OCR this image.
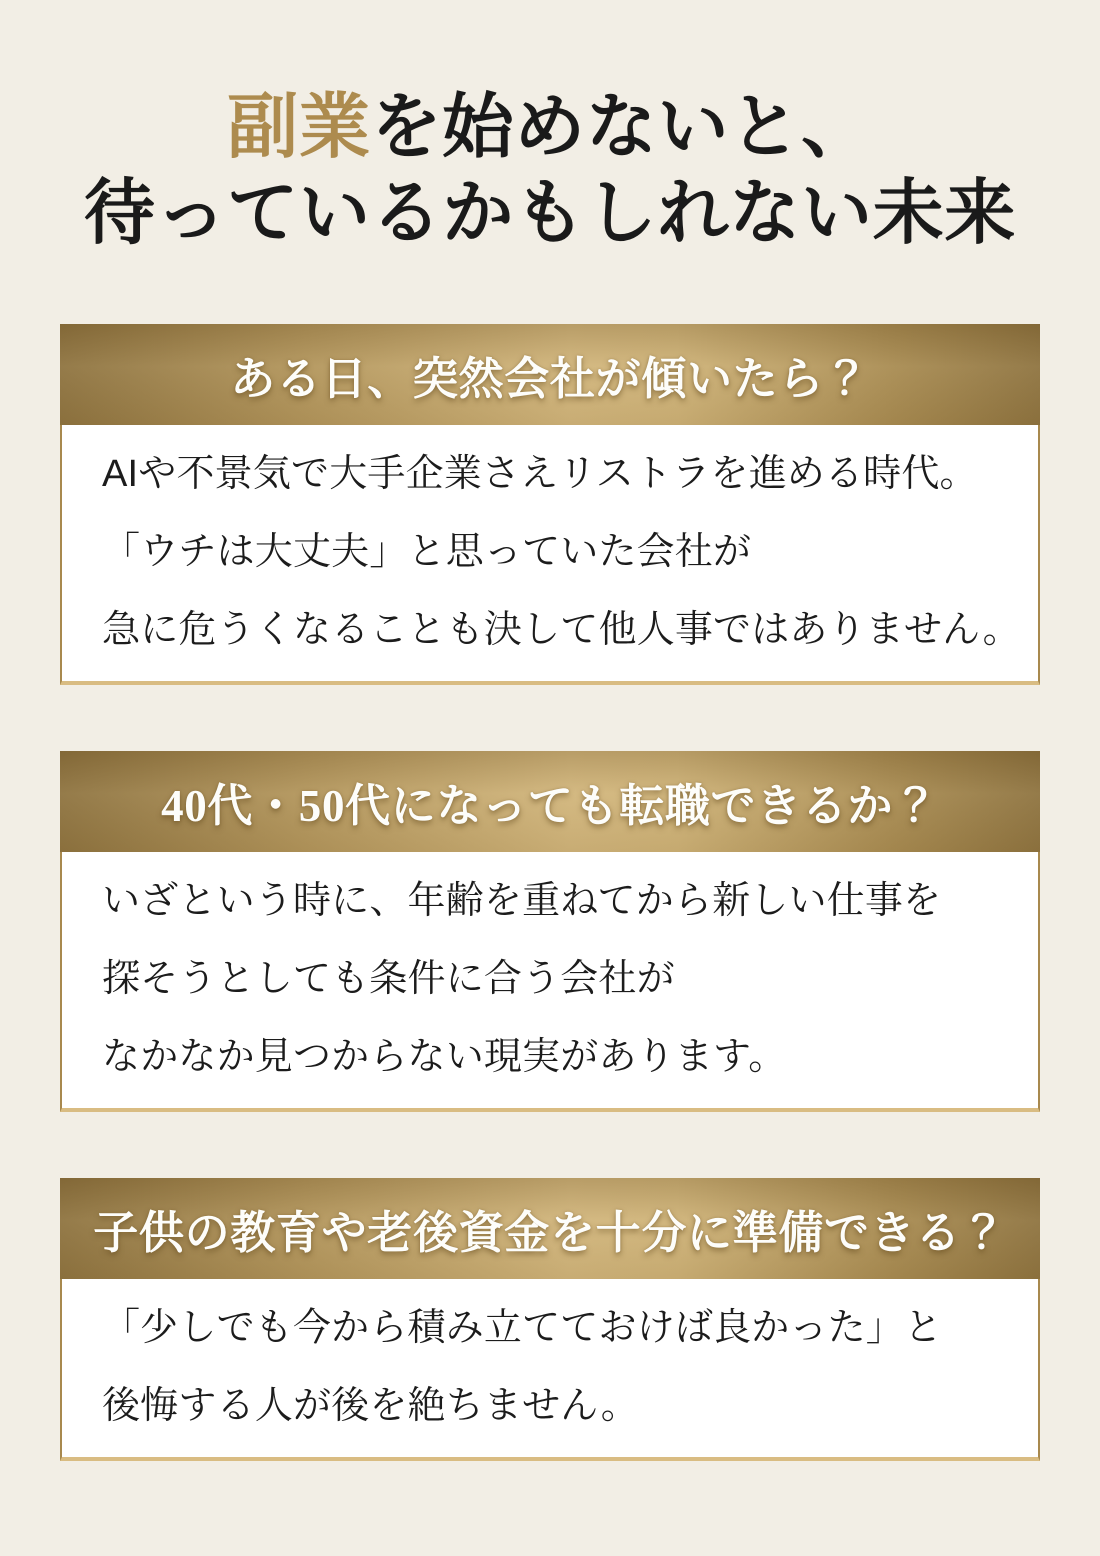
副業を始めないと、
待っているかもしれない未来
ある日、突然会社が傾いたら？
AIや不景気で大手企業さえリストラを進める時代。
「ウチは大丈夫」と思っていた会社が
急に危うくなることも決して他人事ではありません。
40代・50代になっても転職できるか？
いざという時に、年齢を重ねてから新しい仕事を
探そうとしても条件に合う会社が
なかなか見つからない現実があります。
子供の教育や老後資金を十分に準備できる？
「少しでも今から積み立てておけば良かった」と
後悔する人が後を絶ちません。
